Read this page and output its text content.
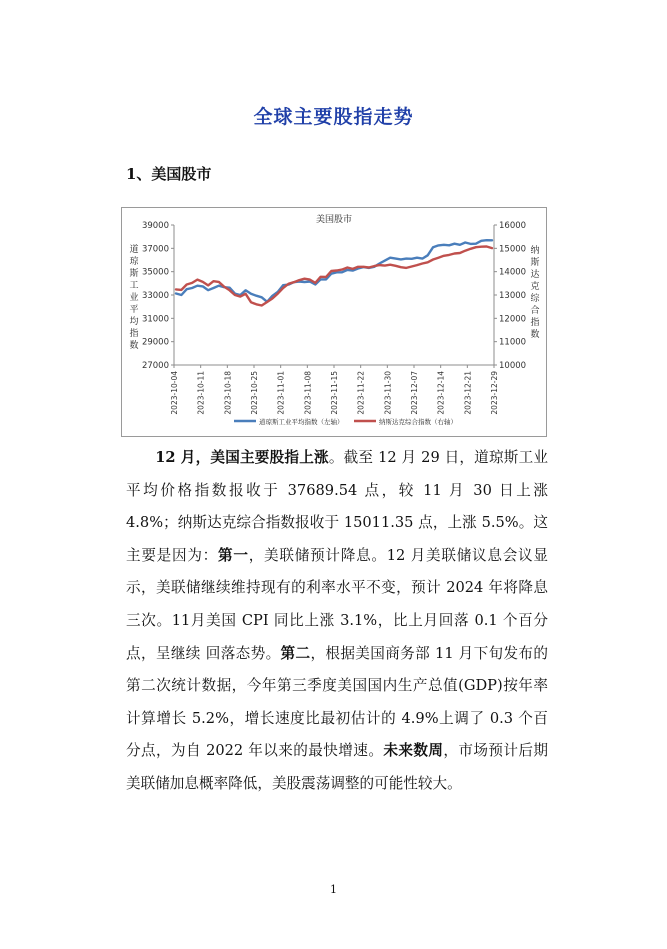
全球主要股指走势
1、美国股市
27000
29000
31000
33000
35000
37000
39000
10000
11000
12000
13000
14000
15000
16000
2023-10-04 2023-10-11 2023-10-18 2023-10-25 2023-11-01 2023-11-08 2023-11-15 2023-11-22 2023-11-30 2023-12-07 2023-12-14 2023-12-21 2023-12-29
美国股市
道
琼
斯
工
业
平
均
指
数
纳
斯
达
克
综
合
指
数
道琼斯工业平均指数（左轴）	纳斯达克综合指数（右轴）

12 月，美国主要股指上涨。截至 12 月 29 日，道琼斯工业平均价格指数报收于 37689.54 点，较 11 月 30 日上涨 4.8%；纳斯达克综合指数报收于 15011.35 点，上涨 5.5%。这主要是因为：第一，美联储预计降息。12 月美联储议息会议显示，美联储继续维持现有的利率水平不变，预计 2024 年将降息三次。11月美国 CPI 同比上涨 3.1%，比上月回落 0.1 个百分点，呈继续 回落态势。第二，根据美国商务部 11 月下旬发布的第二次统计数据，今年第三季度美国国内生产总值(GDP)按年率计算增长 5.2%，增长速度比最初估计的 4.9%上调了 0.3 个百分点，为自 2022 年以来的最快增速。未来数周，市场预计后期美联储加息概率降低，美股震荡调整的可能性较大。

1
